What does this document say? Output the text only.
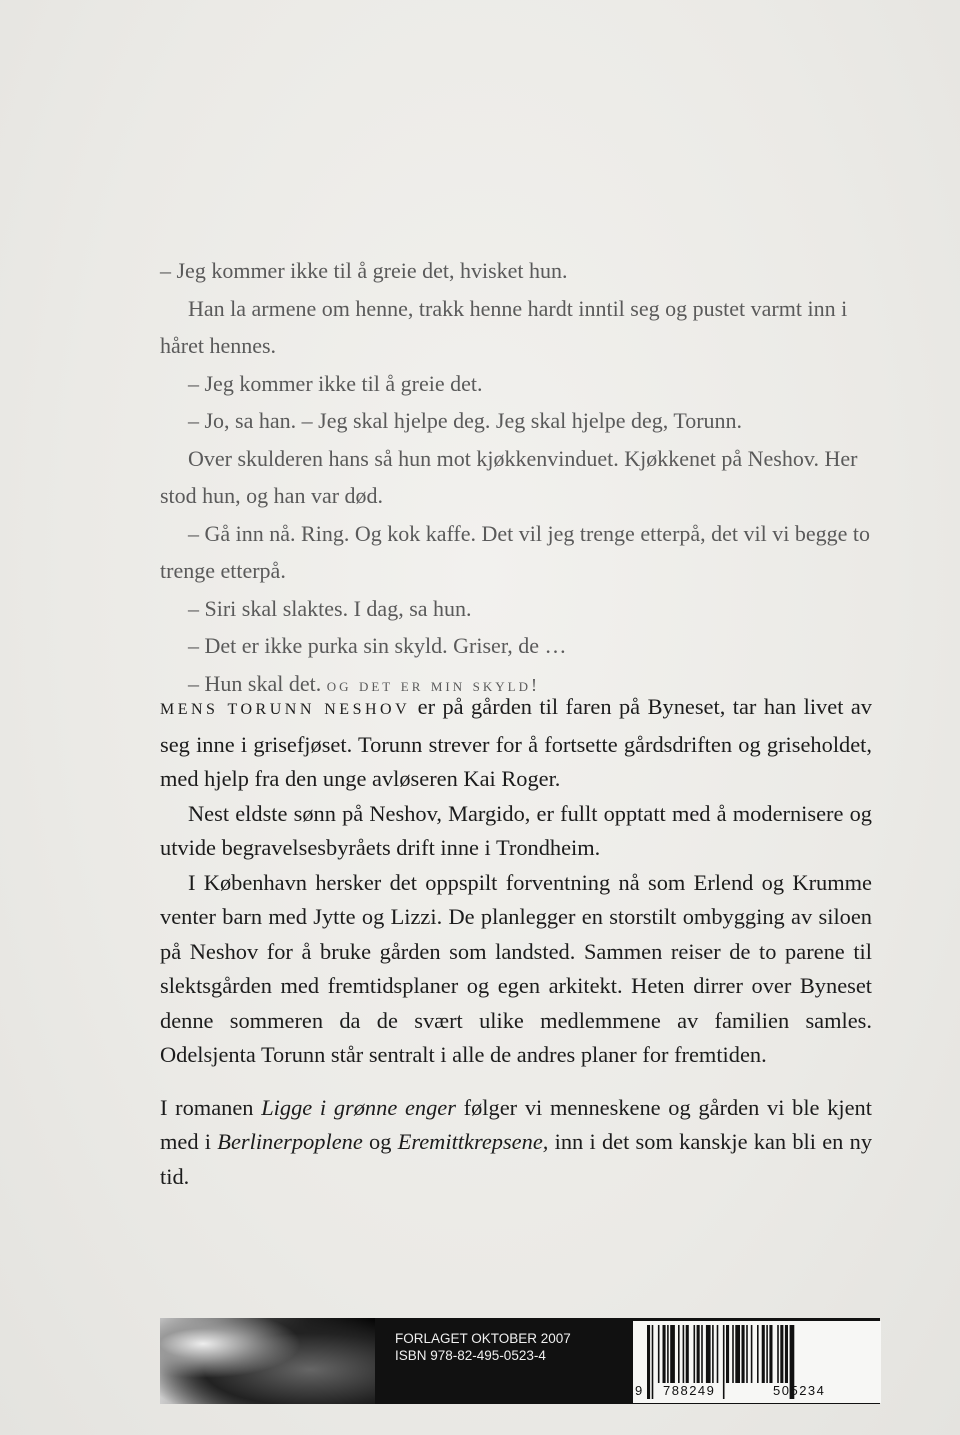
– Jeg kommer ikke til å greie det, hvisket hun.

Han la armene om henne, trakk henne hardt inntil seg og pustet varmt inn i håret hennes.

– Jeg kommer ikke til å greie det.

– Jo, sa han. – Jeg skal hjelpe deg. Jeg skal hjelpe deg, Torunn.

Over skulderen hans så hun mot kjøkkenvinduet. Kjøkkenet på Neshov. Her stod hun, og han var død.

– Gå inn nå. Ring. Og kok kaffe. Det vil jeg trenge etterpå, det vil vi begge to trenge etterpå.

– Siri skal slaktes. I dag, sa hun.

– Det er ikke purka sin skyld. Griser, de …

– Hun skal det. og det er min skyld!

MENS TORUNN NESHOV er på gården til faren på Byneset, tar han livet av seg inne i grisefjøset. Torunn strever for å fortsette gårdsdriften og griseholdet, med hjelp fra den unge avløseren Kai Roger.

Nest eldste sønn på Neshov, Margido, er fullt opptatt med å modernisere og utvide begravelsesbyråets drift inne i Trondheim.

I København hersker det oppspilt forventning nå som Erlend og Krumme venter barn med Jytte og Lizzi. De planlegger en storstilt ombygging av siloen på Neshov for å bruke gården som landsted. Sammen reiser de to parene til slektsgården med fremtidsplaner og egen arkitekt. Heten dirrer over Byneset denne sommeren da de svært ulike medlemmene av familien samles. Odelsjenta Torunn står sentralt i alle de andres planer for fremtiden.

I romanen Ligge i grønne enger følger vi menneskene og gården vi ble kjent med i Berlinerpoplene og Eremittkrepsene, inn i det som kanskje kan bli en ny tid.

FORLAGET OKTOBER 2007
ISBN 978-82-495-0523-4
9 788249	505234
